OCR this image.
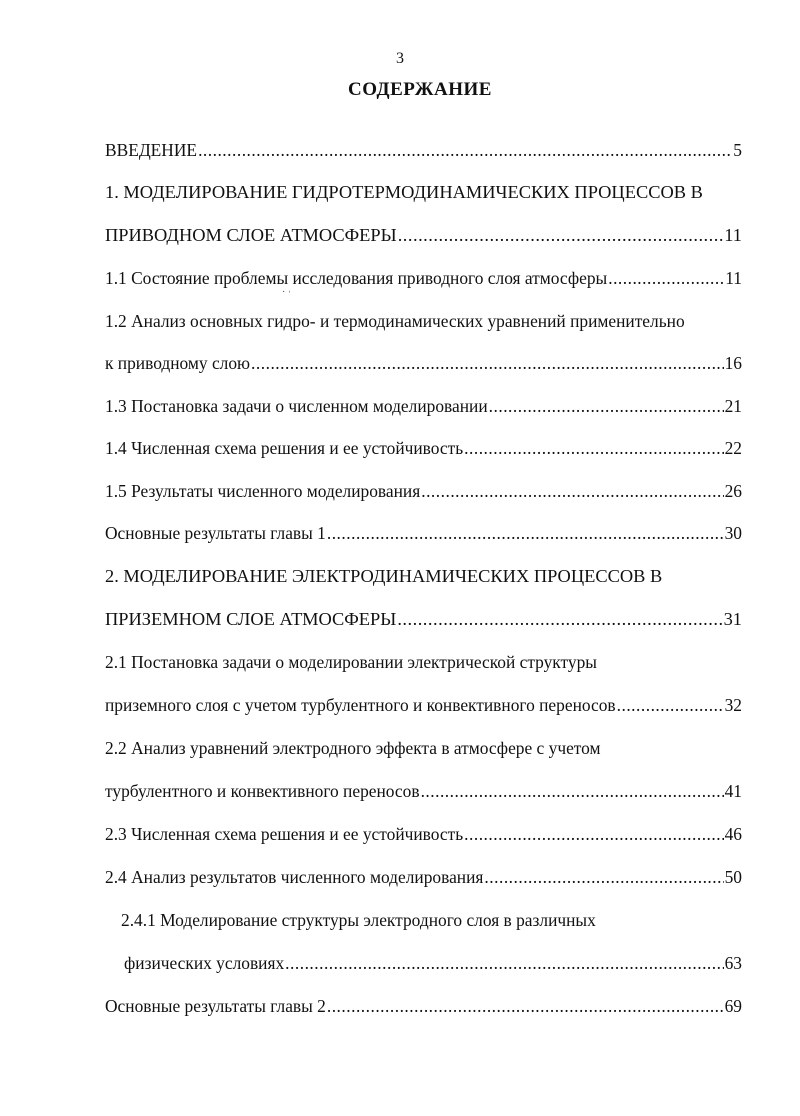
3
СОДЕРЖАНИЕ
ВВЕДЕНИЕ .....	5
1. МОДЕЛИРОВАНИЕ ГИДРОТЕРМОДИНАМИЧЕСКИХ ПРОЦЕССОВ В
ПРИВОДНОМ СЛОЕ АТМОСФЕРЫ .....	11
1.1 Состояние проблемы исследования приводного слоя атмосферы .....	11
˙ ˈ
1.2 Анализ основных гидро- и термодинамических уравнений применительно
к приводному слою .....	16
1.3 Постановка задачи о численном моделировании .....	21
1.4 Численная схема решения и ее устойчивость .....	22
1.5 Результаты численного моделирования .....	26
Основные результаты главы 1 .....	30
2. МОДЕЛИРОВАНИЕ ЭЛЕКТРОДИНАМИЧЕСКИХ ПРОЦЕССОВ В
ПРИЗЕМНОМ СЛОЕ АТМОСФЕРЫ .....	31
2.1 Постановка задачи о моделировании электрической структуры
приземного слоя с учетом турбулентного и конвективного переносов .....	32
2.2 Анализ уравнений электродного эффекта в атмосфере с учетом
турбулентного и конвективного переносов .....	41
2.3 Численная схема решения и ее устойчивость .....	46
2.4 Анализ результатов численного моделирования .....	50
2.4.1 Моделирование структуры электродного слоя в различных
физических условиях .....	63
Основные результаты главы 2 .....	69
